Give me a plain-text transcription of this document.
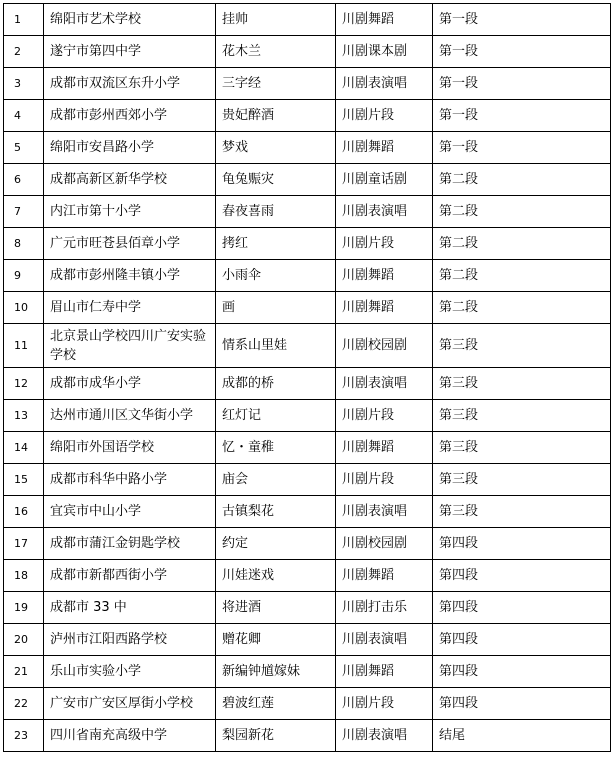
1	绵阳市艺术学校	挂帅	川剧舞蹈	第一段
2	遂宁市第四中学	花木兰	川剧课本剧	第一段
3	成都市双流区东升小学	三字经	川剧表演唱	第一段
4	成都市彭州西郊小学	贵妃醉酒	川剧片段	第一段
5	绵阳市安昌路小学	梦戏	川剧舞蹈	第一段
6	成都高新区新华学校	龟兔赈灾	川剧童话剧	第二段
7	内江市第十小学	春夜喜雨	川剧表演唱	第二段
8	广元市旺苍县佰章小学	拷红	川剧片段	第二段
9	成都市彭州隆丰镇小学	小雨伞	川剧舞蹈	第二段
10	眉山市仁寿中学	画	川剧舞蹈	第二段
11	北京景山学校四川广安实验学校	情系山里娃	川剧校园剧	第三段
12	成都市成华小学	成都的桥	川剧表演唱	第三段
13	达州市通川区文华街小学	红灯记	川剧片段	第三段
14	绵阳市外国语学校	忆・童稚	川剧舞蹈	第三段
15	成都市科华中路小学	庙会	川剧片段	第三段
16	宜宾市中山小学	古镇梨花	川剧表演唱	第三段
17	成都市蒲江金钥匙学校	约定	川剧校园剧	第四段
18	成都市新都西街小学	川娃迷戏	川剧舞蹈	第四段
19	成都市 33 中	将进酒	川剧打击乐	第四段
20	泸州市江阳西路学校	赠花卿	川剧表演唱	第四段
21	乐山市实验小学	新编钟馗嫁妹	川剧舞蹈	第四段
22	广安市广安区厚街小学校	碧波红莲	川剧片段	第四段
23	四川省南充高级中学	梨园新花	川剧表演唱	结尾
